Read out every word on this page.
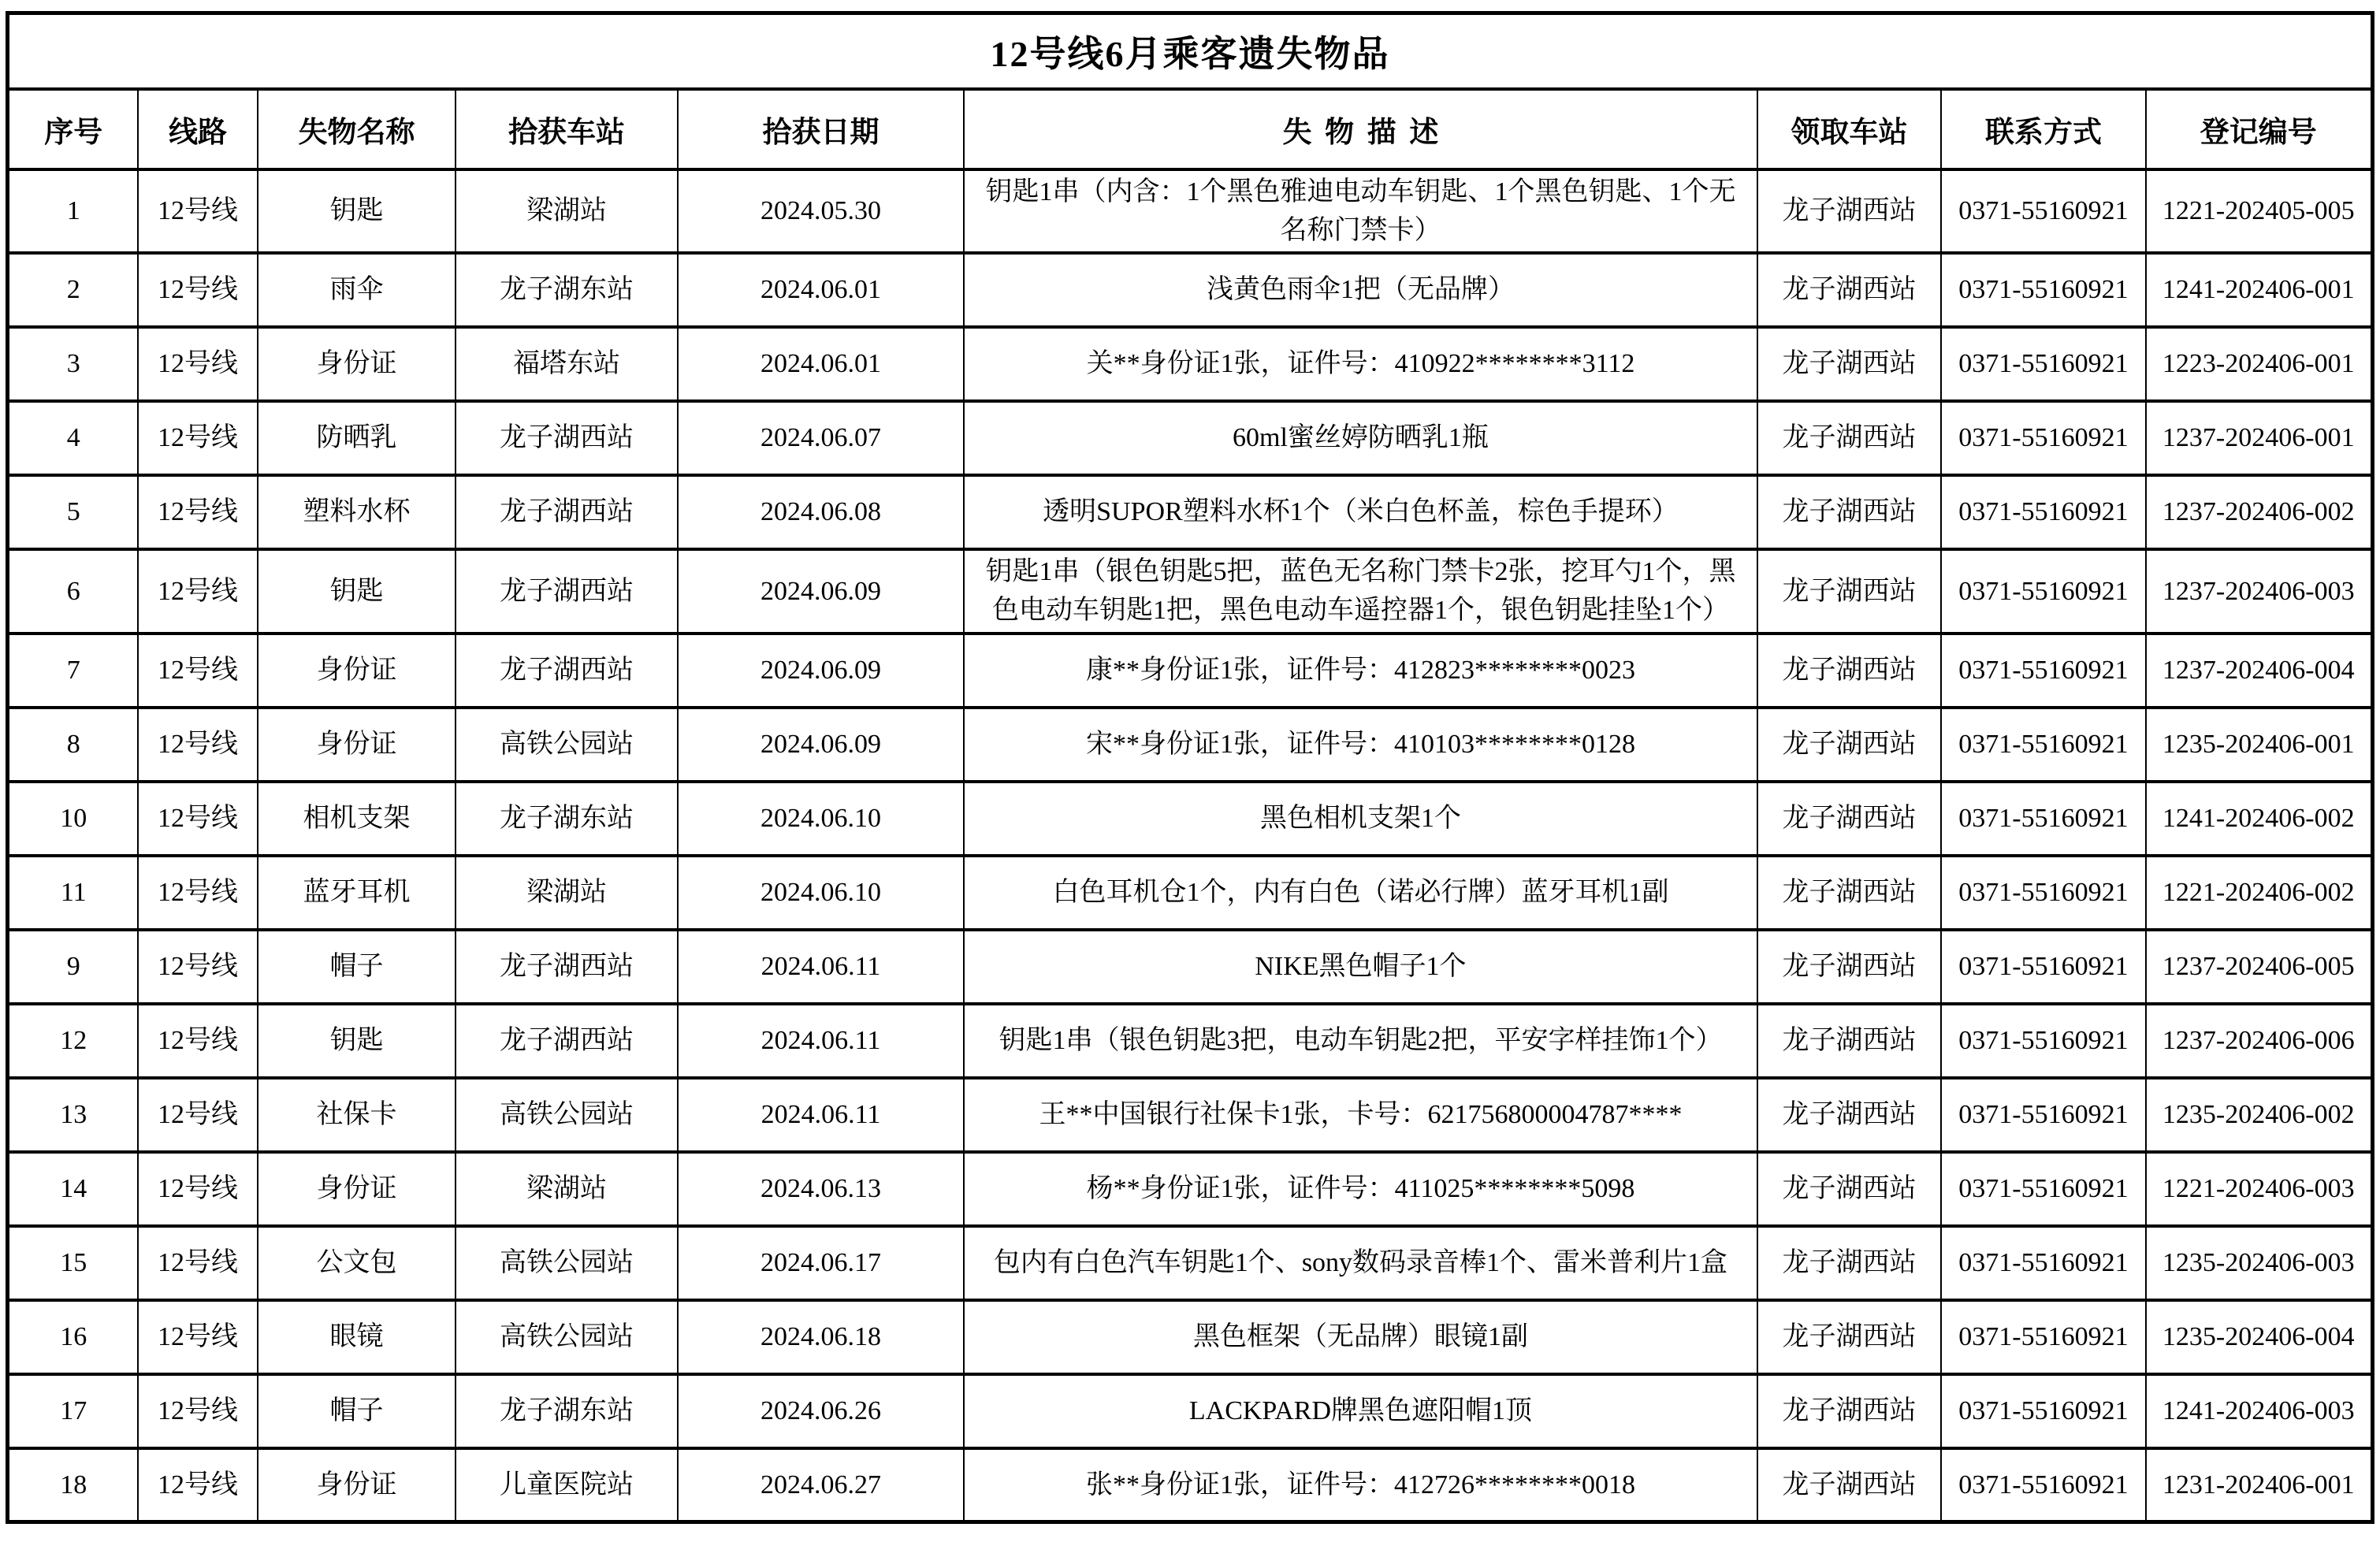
12号线6月乘客遗失物品								
序号	线路	失物名称	拾获车站	拾获日期	失物描述	领取车站	联系方式	登记编号
1	12号线	钥匙	梁湖站	2024.05.30	钥匙1串（内含：1个黑色雅迪电动车钥匙、1个黑色钥匙、1个无名称门禁卡）	龙子湖西站	0371-55160921	1221-202405-005
2	12号线	雨伞	龙子湖东站	2024.06.01	浅黄色雨伞1把（无品牌）	龙子湖西站	0371-55160921	1241-202406-001
3	12号线	身份证	福塔东站	2024.06.01	关**身份证1张，证件号：410922********3112	龙子湖西站	0371-55160921	1223-202406-001
4	12号线	防晒乳	龙子湖西站	2024.06.07	60ml蜜丝婷防晒乳1瓶	龙子湖西站	0371-55160921	1237-202406-001
5	12号线	塑料水杯	龙子湖西站	2024.06.08	透明SUPOR塑料水杯1个（米白色杯盖，棕色手提环）	龙子湖西站	0371-55160921	1237-202406-002
6	12号线	钥匙	龙子湖西站	2024.06.09	钥匙1串（银色钥匙5把，蓝色无名称门禁卡2张，挖耳勺1个，黑色电动车钥匙1把，黑色电动车遥控器1个，银色钥匙挂坠1个）	龙子湖西站	0371-55160921	1237-202406-003
7	12号线	身份证	龙子湖西站	2024.06.09	康**身份证1张，证件号：412823********0023	龙子湖西站	0371-55160921	1237-202406-004
8	12号线	身份证	高铁公园站	2024.06.09	宋**身份证1张，证件号：410103********0128	龙子湖西站	0371-55160921	1235-202406-001
10	12号线	相机支架	龙子湖东站	2024.06.10	黑色相机支架1个	龙子湖西站	0371-55160921	1241-202406-002
11	12号线	蓝牙耳机	梁湖站	2024.06.10	白色耳机仓1个，内有白色（诺必行牌）蓝牙耳机1副	龙子湖西站	0371-55160921	1221-202406-002
9	12号线	帽子	龙子湖西站	2024.06.11	NIKE黑色帽子1个	龙子湖西站	0371-55160921	1237-202406-005
12	12号线	钥匙	龙子湖西站	2024.06.11	钥匙1串（银色钥匙3把，电动车钥匙2把，平安字样挂饰1个）	龙子湖西站	0371-55160921	1237-202406-006
13	12号线	社保卡	高铁公园站	2024.06.11	王**中国银行社保卡1张，卡号：621756800004787****	龙子湖西站	0371-55160921	1235-202406-002
14	12号线	身份证	梁湖站	2024.06.13	杨**身份证1张，证件号：411025********5098	龙子湖西站	0371-55160921	1221-202406-003
15	12号线	公文包	高铁公园站	2024.06.17	包内有白色汽车钥匙1个、sony数码录音棒1个、雷米普利片1盒	龙子湖西站	0371-55160921	1235-202406-003
16	12号线	眼镜	高铁公园站	2024.06.18	黑色框架（无品牌）眼镜1副	龙子湖西站	0371-55160921	1235-202406-004
17	12号线	帽子	龙子湖东站	2024.06.26	LACKPARD牌黑色遮阳帽1顶	龙子湖西站	0371-55160921	1241-202406-003
18	12号线	身份证	儿童医院站	2024.06.27	张**身份证1张，证件号：412726********0018	龙子湖西站	0371-55160921	1231-202406-001
